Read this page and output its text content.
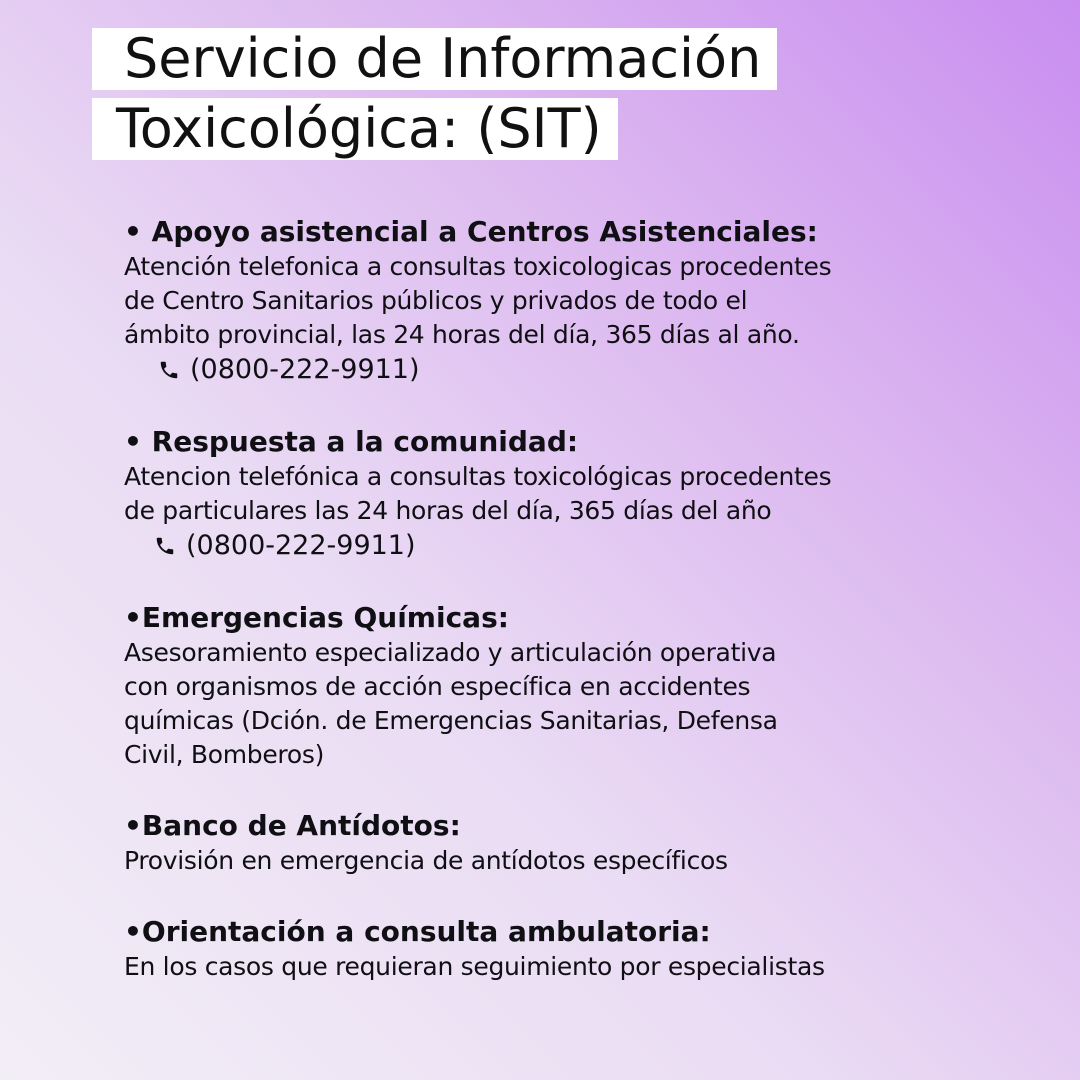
Servicio de Información
Toxicológica: (SIT)
• Apoyo asistencial a Centros Asistenciales:
Atención telefonica a consultas toxicologicas procedentes
de Centro Sanitarios públicos y privados de todo el
ámbito provincial, las 24 horas del día, 365 días al año.
(0800-222-9911)
• Respuesta a la comunidad:
Atencion telefónica a consultas toxicológicas procedentes
de particulares las 24 horas del día, 365 días del año
(0800-222-9911)
•Emergencias Químicas:
Asesoramiento especializado y articulación operativa
con organismos de acción específica en accidentes
químicas (Dción. de Emergencias Sanitarias, Defensa
Civil, Bomberos)
•Banco de Antídotos:
Provisión en emergencia de antídotos específicos
•Orientación a consulta ambulatoria:
En los casos que requieran seguimiento por especialistas
